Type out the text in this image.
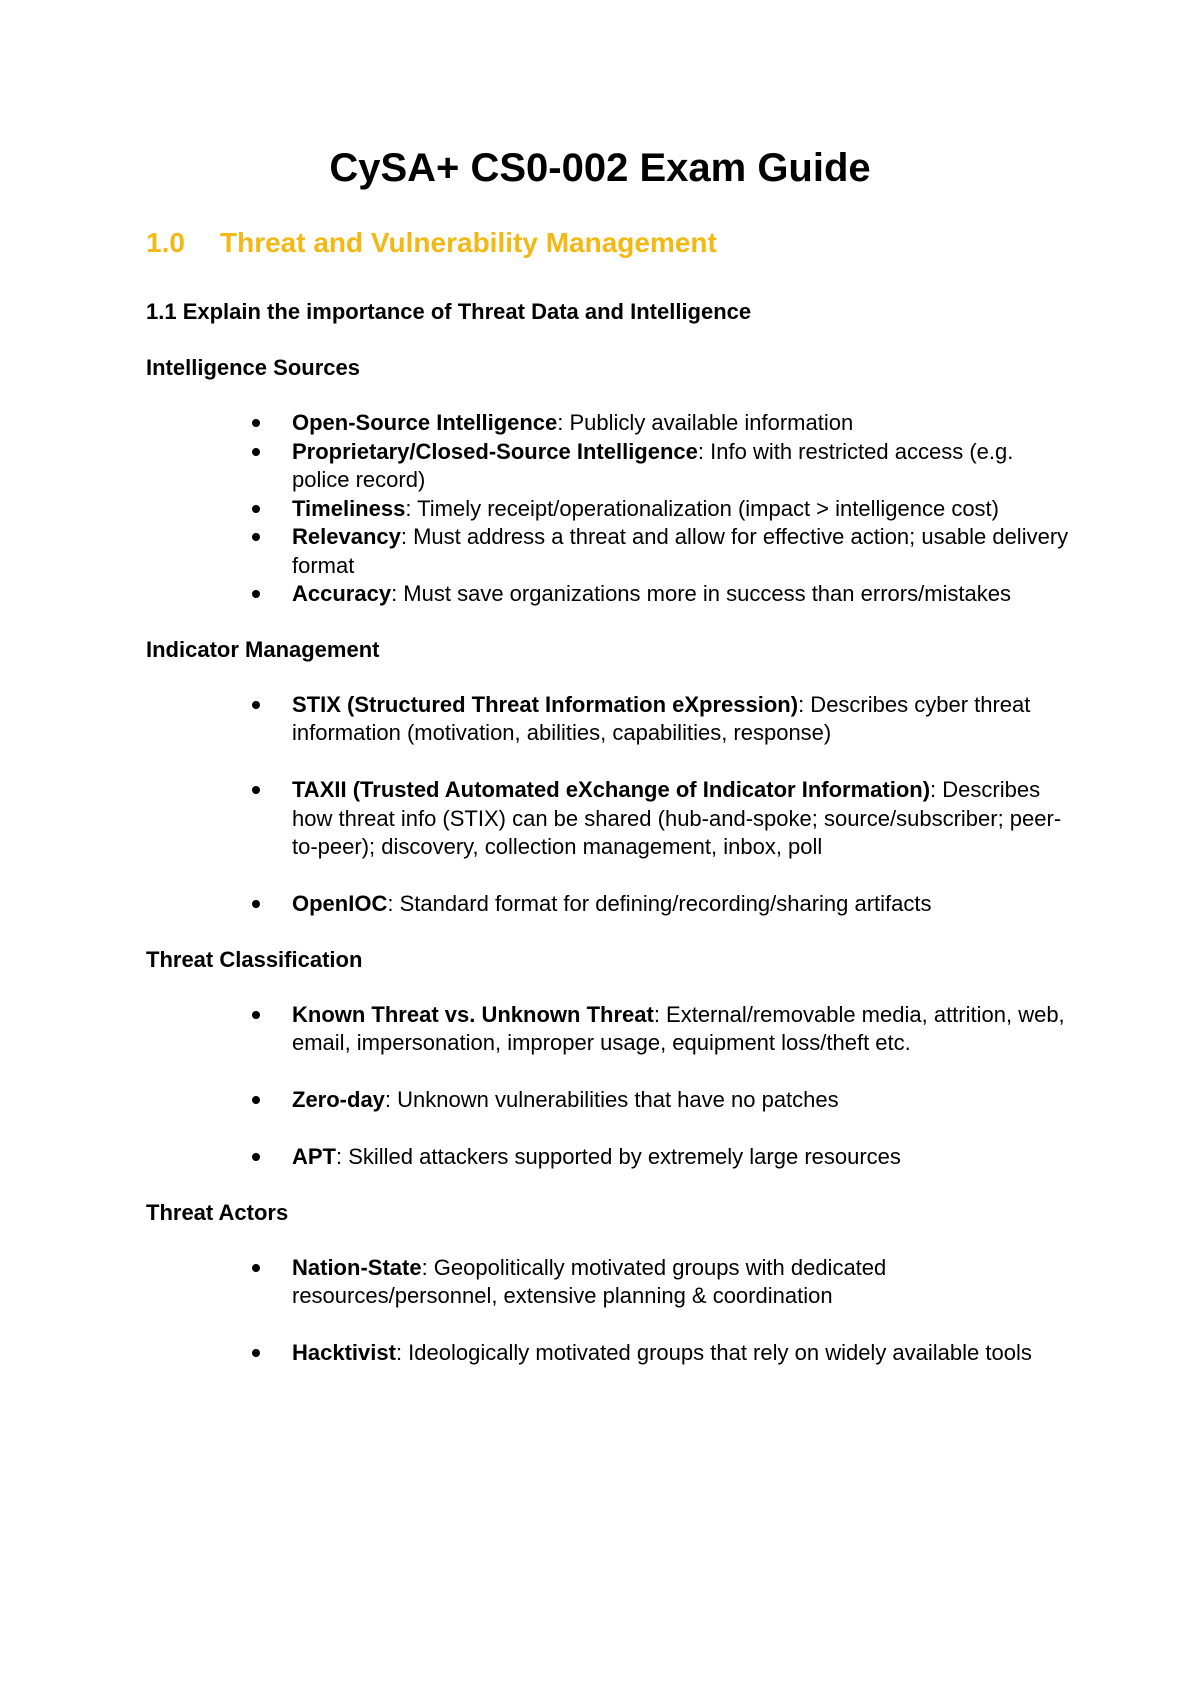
CySA+ CS0-002 Exam Guide
1.0 Threat and Vulnerability Management
1.1 Explain the importance of Threat Data and Intelligence
Intelligence Sources
Open-Source Intelligence: Publicly available information
Proprietary/Closed-Source Intelligence: Info with restricted access (e.g. police record)
Timeliness: Timely receipt/operationalization (impact > intelligence cost)
Relevancy: Must address a threat and allow for effective action; usable delivery format
Accuracy: Must save organizations more in success than errors/mistakes
Indicator Management
STIX (Structured Threat Information eXpression): Describes cyber threat information (motivation, abilities, capabilities, response)
TAXII (Trusted Automated eXchange of Indicator Information): Describes how threat info (STIX) can be shared (hub-and-spoke; source/subscriber; peer-to-peer); discovery, collection management, inbox, poll
OpenIOC: Standard format for defining/recording/sharing artifacts
Threat Classification
Known Threat vs. Unknown Threat: External/removable media, attrition, web, email, impersonation, improper usage, equipment loss/theft etc.
Zero-day: Unknown vulnerabilities that have no patches
APT: Skilled attackers supported by extremely large resources
Threat Actors
Nation-State: Geopolitically motivated groups with dedicated resources/personnel, extensive planning & coordination
Hacktivist: Ideologically motivated groups that rely on widely available tools
